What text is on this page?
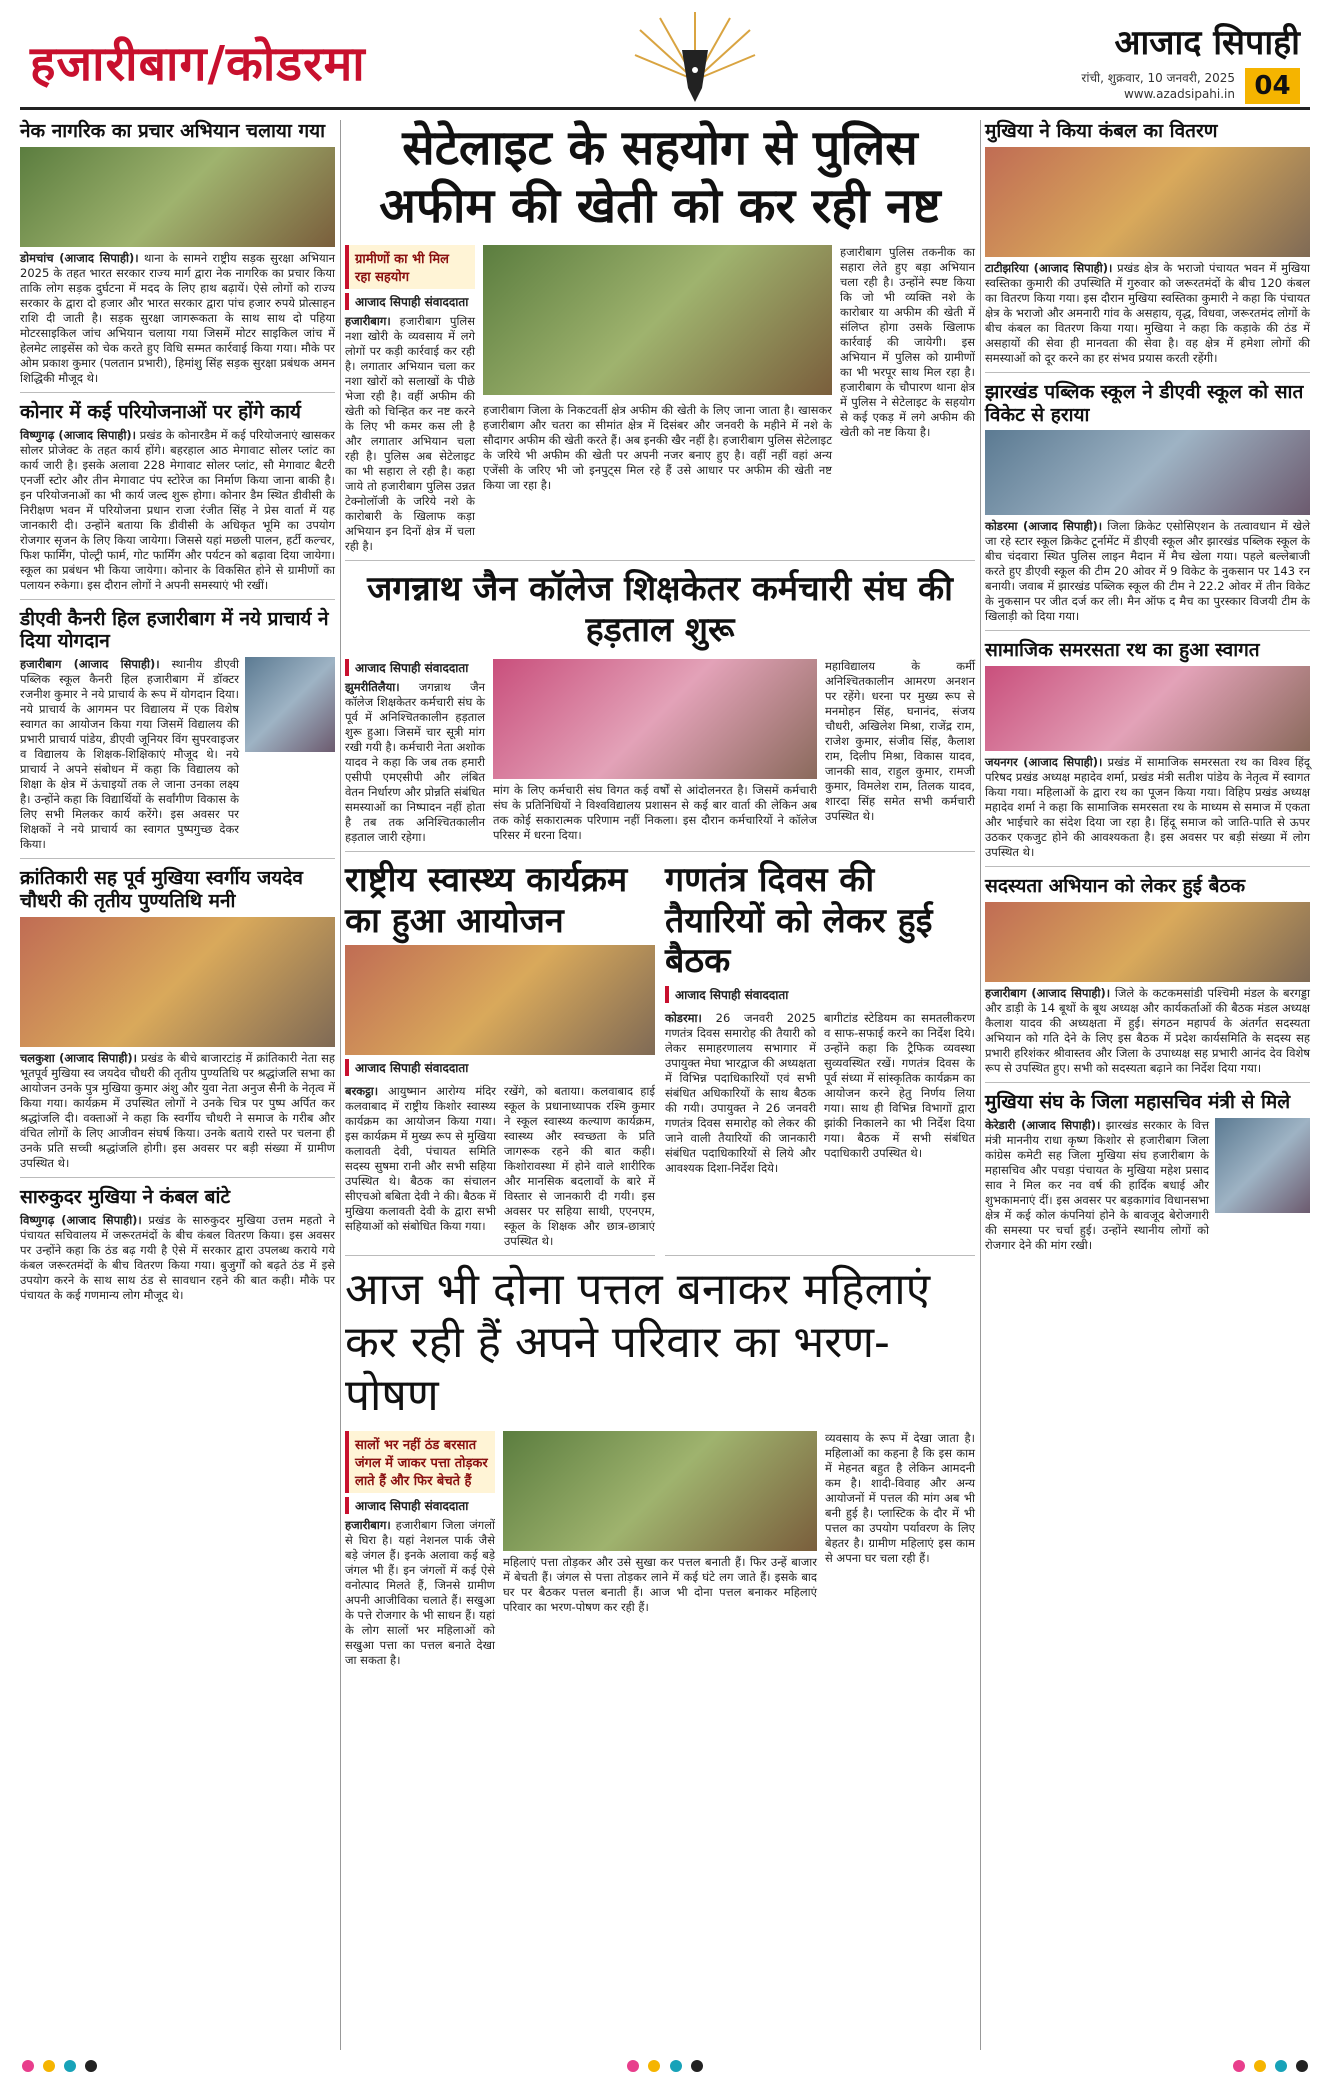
हजारीबाग/कोडरमा	आजाद सिपाही
रांची, शुक्रवार, 10 जनवरी, 2025
www.azadsipahi.in 04
नेक नागरिक का प्रचार अभियान चलाया गया
डोमचांच (आजाद सिपाही)। थाना के सामने राष्ट्रीय सड़क सुरक्षा अभियान 2025 के तहत भारत सरकार राज्य मार्ग द्वारा नेक नागरिक का प्रचार किया ताकि लोग सड़क दुर्घटना में मदद के लिए हाथ बढ़ायें। ऐसे लोगों को राज्य सरकार के द्वारा दो हजार और भारत सरकार द्वारा पांच हजार रुपये प्रोत्साहन राशि दी जाती है। सड़क सुरक्षा जागरूकता के साथ साथ दो पहिया मोटरसाइकिल जांच अभियान चलाया गया जिसमें मोटर साइकिल जांच में हेलमेट लाइसेंस को चेक करते हुए विधि सम्मत कार्रवाई किया गया। मौके पर ओम प्रकाश कुमार (पलतान प्रभारी), हिमांशु सिंह सड़क सुरक्षा प्रबंधक अमन शिद्धिकी मौजूद थे।
कोनार में कई परियोजनाओं पर होंगे कार्य
विष्णुगढ़ (आजाद सिपाही)। प्रखंड के कोनारडैम में कई परियोजनाएं खासकर सोलर प्रोजेक्ट के तहत कार्य होंगे। बहरहाल आठ मेगावाट सोलर प्लांट का कार्य जारी है। इसके अलावा 228 मेगावाट सोलर प्लांट, सौ मेगावाट बैटरी एनर्जी स्टोर और तीन मेगावाट पंप स्टोरेज का निर्माण किया जाना बाकी है। इन परियोजनाओं का भी कार्य जल्द शुरू होगा। कोनार डैम स्थित डीवीसी के निरीक्षण भवन में परियोजना प्रधान राजा रंजीत सिंह ने प्रेस वार्ता में यह जानकारी दी। उन्होंने बताया कि डीवीसी के अधिकृत भूमि का उपयोग रोजगार सृजन के लिए किया जायेगा। जिससे यहां मछली पालन, हर्टी कल्चर, फिश फार्मिंग, पोल्ट्री फार्म, गोट फार्मिंग और पर्यटन को बढ़ावा दिया जायेगा। स्कूल का प्रबंधन भी किया जायेगा। कोनार के विकसित होने से ग्रामीणों का पलायन रुकेगा। इस दौरान लोगों ने अपनी समस्याएं भी रखीं।
डीएवी कैनरी हिल हजारीबाग में नये प्राचार्य ने दिया योगदान
हजारीबाग (आजाद सिपाही)। स्थानीय डीएवी पब्लिक स्कूल कैनरी हिल हजारीबाग में डॉक्टर रजनीश कुमार ने नये प्राचार्य के रूप में योगदान दिया। नये प्राचार्य के आगमन पर विद्यालय में एक विशेष स्वागत का आयोजन किया गया जिसमें विद्यालय की प्रभारी प्राचार्य पांडेय, डीएवी जूनियर विंग सुपरवाइजर व विद्यालय के शिक्षक-शिक्षिकाएं मौजूद थे। नये प्राचार्य ने अपने संबोधन में कहा कि विद्यालय को शिक्षा के क्षेत्र में ऊंचाइयों तक ले जाना उनका लक्ष्य है। उन्होंने कहा कि विद्यार्थियों के सर्वांगीण विकास के लिए सभी मिलकर कार्य करेंगे। इस अवसर पर शिक्षकों ने नये प्राचार्य का स्वागत पुष्पगुच्छ देकर किया।
क्रांतिकारी सह पूर्व मुखिया स्वर्गीय जयदेव चौधरी की तृतीय पुण्यतिथि मनी
चलकुशा (आजाद सिपाही)। प्रखंड के बीचे बाजारटांड़ में क्रांतिकारी नेता सह भूतपूर्व मुखिया स्व जयदेव चौधरी की तृतीय पुण्यतिथि पर श्रद्धांजलि सभा का आयोजन उनके पुत्र मुखिया कुमार अंशु और युवा नेता अनुज सैनी के नेतृत्व में किया गया। कार्यक्रम में उपस्थित लोगों ने उनके चित्र पर पुष्प अर्पित कर श्रद्धांजलि दी। वक्ताओं ने कहा कि स्वर्गीय चौधरी ने समाज के गरीब और वंचित लोगों के लिए आजीवन संघर्ष किया। उनके बताये रास्ते पर चलना ही उनके प्रति सच्ची श्रद्धांजलि होगी। इस अवसर पर बड़ी संख्या में ग्रामीण उपस्थित थे।
सारुकुदर मुखिया ने कंबल बांटे
विष्णुगढ़ (आजाद सिपाही)। प्रखंड के सारुकुदर मुखिया उत्तम महतो ने पंचायत सचिवालय में जरूरतमंदों के बीच कंबल वितरण किया। इस अवसर पर उन्होंने कहा कि ठंड बढ़ गयी है ऐसे में सरकार द्वारा उपलब्ध कराये गये कंबल जरूरतमंदों के बीच वितरण किया गया। बुजुर्गों को बढ़ते ठंड में इसे उपयोग करने के साथ साथ ठंड से सावधान रहने की बात कही। मौके पर पंचायत के कई गणमान्य लोग मौजूद थे।
सेटेलाइट के सहयोग से पुलिस अफीम की खेती को कर रही नष्ट
ग्रामीणों का भी मिल रहा सहयोग
आजाद सिपाही संवाददाता
हजारीबाग। हजारीबाग पुलिस नशा खोरी के व्यवसाय में लगे लोगों पर कड़ी कार्रवाई कर रही है। लगातार अभियान चला कर नशा खोरों को सलाखों के पीछे भेजा रही है। वहीं अफीम की खेती को चिन्हित कर नष्ट करने के लिए भी कमर कस ली है और लगातार अभियान चला रही है। पुलिस अब सेटेलाइट का भी सहारा ले रही है। कहा जाये तो हजारीबाग पुलिस उन्नत टेक्नोलॉजी के जरिये नशे के कारोबारी के खिलाफ कड़ा अभियान इन दिनों क्षेत्र में चला रही है।
हजारीबाग जिला के निकटवर्ती क्षेत्र अफीम की खेती के लिए जाना जाता है। खासकर हजारीबाग और चतरा का सीमांत क्षेत्र में दिसंबर और जनवरी के महीने में नशे के सौदागर अफीम की खेती करते हैं। अब इनकी खैर नहीं है। हजारीबाग पुलिस सेटेलाइट के जरिये भी अफीम की खेती पर अपनी नजर बनाए हुए है। वहीं नहीं वहां अन्य एजेंसी के जरिए भी जो इनपुट्स मिल रहे हैं उसे आधार पर अफीम की खेती नष्ट किया जा रहा है।
हजारीबाग पुलिस तकनीक का सहारा लेते हुए बड़ा अभियान चला रही है। उन्होंने स्पष्ट किया कि जो भी व्यक्ति नशे के कारोबार या अफीम की खेती में संलिप्त होगा उसके खिलाफ कार्रवाई की जायेगी। इस अभियान में पुलिस को ग्रामीणों का भी भरपूर साथ मिल रहा है। हजारीबाग के चौपारण थाना क्षेत्र में पुलिस ने सेटेलाइट के सहयोग से कई एकड़ में लगे अफीम की खेती को नष्ट किया है।
जगन्नाथ जैन कॉलेज शिक्षकेतर कर्मचारी संघ की हड़ताल शुरू
आजाद सिपाही संवाददाता
झुमरीतिलैया। जगन्नाथ जैन कॉलेज शिक्षकेतर कर्मचारी संघ के पूर्व में अनिश्चितकालीन हड़ताल शुरू हुआ। जिसमें चार सूत्री मांग रखी गयी है। कर्मचारी नेता अशोक यादव ने कहा कि जब तक हमारी एसीपी एमएसीपी और लंबित वेतन निर्धारण और प्रोन्नति संबंधित समस्याओं का निष्पादन नहीं होता है तब तक अनिश्चितकालीन हड़ताल जारी रहेगा।
मांग के लिए कर्मचारी संघ विगत कई वर्षों से आंदोलनरत है। जिसमें कर्मचारी संघ के प्रतिनिधियों ने विश्वविद्यालय प्रशासन से कई बार वार्ता की लेकिन अब तक कोई सकारात्मक परिणाम नहीं निकला। इस दौरान कर्मचारियों ने कॉलेज परिसर में धरना दिया।
महाविद्यालय के कर्मी अनिश्चितकालीन आमरण अनशन पर रहेंगे। धरना पर मुख्य रूप से मनमोहन सिंह, घनानंद, संजय चौधरी, अखिलेश मिश्रा, राजेंद्र राम, राजेश कुमार, संजीव सिंह, कैलाश राम, दिलीप मिश्रा, विकास यादव, जानकी साव, राहुल कुमार, रामजी कुमार, विमलेश राम, तिलक यादव, शारदा सिंह समेत सभी कर्मचारी उपस्थित थे।
राष्ट्रीय स्वास्थ्य कार्यक्रम का हुआ आयोजन
आजाद सिपाही संवाददाता
बरकट्ठा। आयुष्मान आरोग्य मंदिर कलवाबाद में राष्ट्रीय किशोर स्वास्थ्य कार्यक्रम का आयोजन किया गया। इस कार्यक्रम में मुख्य रूप से मुखिया कलावती देवी, पंचायत समिति सदस्य सुषमा रानी और सभी सहिया उपस्थित थे। बैठक का संचालन सीएचओ बबिता देवी ने की। बैठक में मुखिया कलावती देवी के द्वारा सभी सहियाओं को संबोधित किया गया।
रखेंगे, को बताया। कलवाबाद हाई स्कूल के प्रधानाध्यापक रश्मि कुमार ने स्कूल स्वास्थ्य कल्याण कार्यक्रम, स्वास्थ्य और स्वच्छता के प्रति जागरूक रहने की बात कही। किशोरावस्था में होने वाले शारीरिक और मानसिक बदलावों के बारे में विस्तार से जानकारी दी गयी। इस अवसर पर सहिया साथी, एएनएम, स्कूल के शिक्षक और छात्र-छात्राएं उपस्थित थे।
गणतंत्र दिवस की तैयारियों को लेकर हुई बैठक
आजाद सिपाही संवाददाता
कोडरमा। 26 जनवरी 2025 गणतंत्र दिवस समारोह की तैयारी को लेकर समाहरणालय सभागार में उपायुक्त मेघा भारद्वाज की अध्यक्षता में विभिन्न पदाधिकारियों एवं सभी संबंधित अधिकारियों के साथ बैठक की गयी। उपायुक्त ने 26 जनवरी गणतंत्र दिवस समारोह को लेकर की जाने वाली तैयारियों की जानकारी संबंधित पदाधिकारियों से लिये और आवश्यक दिशा-निर्देश दिये।
बागीटांड स्टेडियम का समतलीकरण व साफ-सफाई करने का निर्देश दिये। उन्होंने कहा कि ट्रैफिक व्यवस्था सुव्यवस्थित रखें। गणतंत्र दिवस के पूर्व संध्या में सांस्कृतिक कार्यक्रम का आयोजन करने हेतु निर्णय लिया गया। साथ ही विभिन्न विभागों द्वारा झांकी निकालने का भी निर्देश दिया गया। बैठक में सभी संबंधित पदाधिकारी उपस्थित थे।
आज भी दोना पत्तल बनाकर महिलाएं कर रही हैं अपने परिवार का भरण-पोषण
सालों भर नहीं ठंड बरसात जंगल में जाकर पत्ता तोड़कर लाते हैं और फिर बेचते हैं
आजाद सिपाही संवाददाता
हजारीबाग। हजारीबाग जिला जंगलों से घिरा है। यहां नेशनल पार्क जैसे बड़े जंगल हैं। इनके अलावा कई बड़े जंगल भी हैं। इन जंगलों में कई ऐसे वनोत्पाद मिलते हैं, जिनसे ग्रामीण अपनी आजीविका चलाते हैं। सखुआ के पत्ते रोजगार के भी साधन हैं। यहां के लोग सालों भर महिलाओं को सखुआ पत्ता का पत्तल बनाते देखा जा सकता है।
महिलाएं पत्ता तोड़कर और उसे सुखा कर पत्तल बनाती हैं। फिर उन्हें बाजार में बेचती हैं। जंगल से पत्ता तोड़कर लाने में कई घंटे लग जाते हैं। इसके बाद घर पर बैठकर पत्तल बनाती हैं। आज भी दोना पत्तल बनाकर महिलाएं परिवार का भरण-पोषण कर रही हैं।
व्यवसाय के रूप में देखा जाता है। महिलाओं का कहना है कि इस काम में मेहनत बहुत है लेकिन आमदनी कम है। शादी-विवाह और अन्य आयोजनों में पत्तल की मांग अब भी बनी हुई है। प्लास्टिक के दौर में भी पत्तल का उपयोग पर्यावरण के लिए बेहतर है। ग्रामीण महिलाएं इस काम से अपना घर चला रही हैं।
मुखिया ने किया कंबल का वितरण
टाटीझरिया (आजाद सिपाही)। प्रखंड क्षेत्र के भराजो पंचायत भवन में मुखिया स्वस्तिका कुमारी की उपस्थिति में गुरुवार को जरूरतमंदों के बीच 120 कंबल का वितरण किया गया। इस दौरान मुखिया स्वस्तिका कुमारी ने कहा कि पंचायत क्षेत्र के भराजो और अमनारी गांव के असहाय, वृद्ध, विधवा, जरूरतमंद लोगों के बीच कंबल का वितरण किया गया। मुखिया ने कहा कि कड़ाके की ठंड में असहायों की सेवा ही मानवता की सेवा है। वह क्षेत्र में हमेशा लोगों की समस्याओं को दूर करने का हर संभव प्रयास करती रहेंगी।
झारखंड पब्लिक स्कूल ने डीएवी स्कूल को सात विकेट से हराया
कोडरमा (आजाद सिपाही)। जिला क्रिकेट एसोसिएशन के तत्वावधान में खेले जा रहे स्टार स्कूल क्रिकेट टूर्नामेंट में डीएवी स्कूल और झारखंड पब्लिक स्कूल के बीच चंदवारा स्थित पुलिस लाइन मैदान में मैच खेला गया। पहले बल्लेबाजी करते हुए डीएवी स्कूल की टीम 20 ओवर में 9 विकेट के नुकसान पर 143 रन बनायी। जवाब में झारखंड पब्लिक स्कूल की टीम ने 22.2 ओवर में तीन विकेट के नुकसान पर जीत दर्ज कर ली। मैन ऑफ द मैच का पुरस्कार विजयी टीम के खिलाड़ी को दिया गया।
सामाजिक समरसता रथ का हुआ स्वागत
जयनगर (आजाद सिपाही)। प्रखंड में सामाजिक समरसता रथ का विश्व हिंदू परिषद प्रखंड अध्यक्ष महादेव शर्मा, प्रखंड मंत्री सतीश पांडेय के नेतृत्व में स्वागत किया गया। महिलाओं के द्वारा रथ का पूजन किया गया। विहिप प्रखंड अध्यक्ष महादेव शर्मा ने कहा कि सामाजिक समरसता रथ के माध्यम से समाज में एकता और भाईचारे का संदेश दिया जा रहा है। हिंदू समाज को जाति-पाति से ऊपर उठकर एकजुट होने की आवश्यकता है। इस अवसर पर बड़ी संख्या में लोग उपस्थित थे।
सदस्यता अभियान को लेकर हुई बैठक
हजारीबाग (आजाद सिपाही)। जिले के कटकमसांडी पश्चिमी मंडल के बरगड्डा और डाड़ी के 14 बूथों के बूथ अध्यक्ष और कार्यकर्ताओं की बैठक मंडल अध्यक्ष कैलाश यादव की अध्यक्षता में हुई। संगठन महापर्व के अंतर्गत सदस्यता अभियान को गति देने के लिए इस बैठक में प्रदेश कार्यसमिति के सदस्य सह प्रभारी हरिशंकर श्रीवास्तव और जिला के उपाध्यक्ष सह प्रभारी आनंद देव विशेष रूप से उपस्थित हुए। सभी को सदस्यता बढ़ाने का निर्देश दिया गया।
मुखिया संघ के जिला महासचिव मंत्री से मिले
केरेडारी (आजाद सिपाही)। झारखंड सरकार के वित्त मंत्री माननीय राधा कृष्ण किशोर से हजारीबाग जिला कांग्रेस कमेटी सह जिला मुखिया संघ हजारीबाग के महासचिव और पचड़ा पंचायत के मुखिया महेश प्रसाद साव ने मिल कर नव वर्ष की हार्दिक बधाई और शुभकामनाएं दीं। इस अवसर पर बड़कागांव विधानसभा क्षेत्र में कई कोल कंपनियां होने के बावजूद बेरोजगारी की समस्या पर चर्चा हुई। उन्होंने स्थानीय लोगों को रोजगार देने की मांग रखी।
